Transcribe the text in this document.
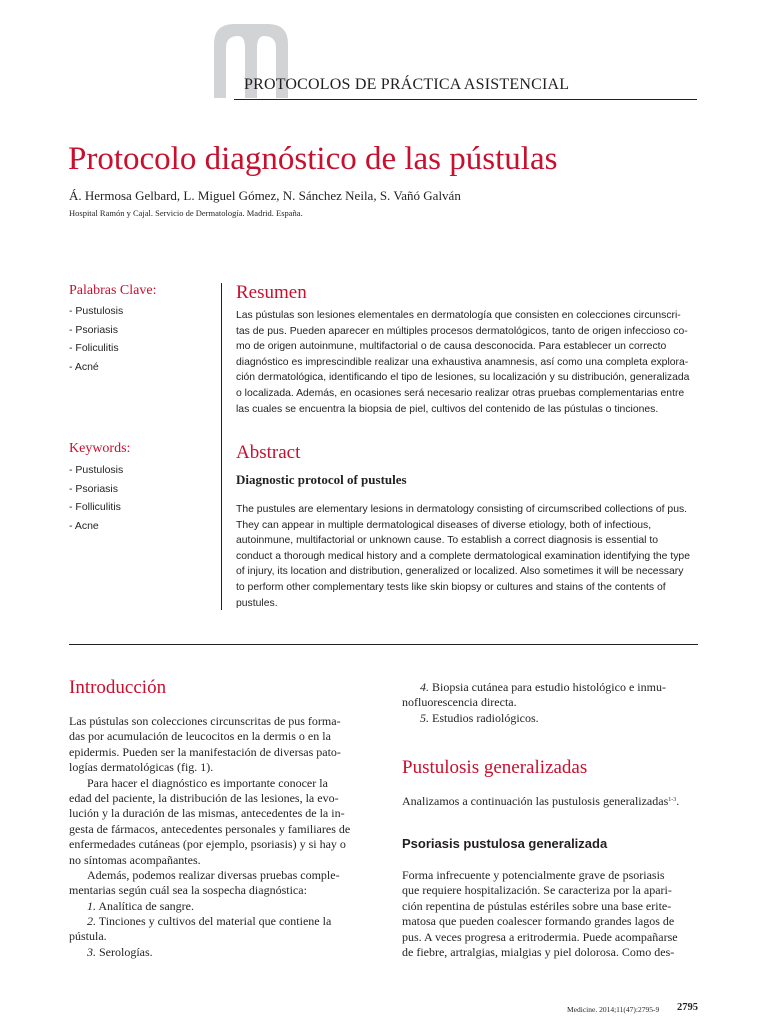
PROTOCOLOS DE PRÁCTICA ASISTENCIAL
Protocolo diagnóstico de las pústulas
Á. Hermosa Gelbard, L. Miguel Gómez, N. Sánchez Neila, S. Vañó Galván
Hospital Ramón y Cajal. Servicio de Dermatología. Madrid. España.
Palabras Clave:
- Pustulosis
- Psoriasis
- Foliculitis
- Acné
Keywords:
- Pustulosis
- Psoriasis
- Folliculitis
- Acne
Resumen
Las pústulas son lesiones elementales en dermatología que consisten en colecciones circunscri-
tas de pus. Pueden aparecer en múltiples procesos dermatológicos, tanto de origen infeccioso co-
mo de origen autoinmune, multifactorial o de causa desconocida. Para establecer un correcto
diagnóstico es imprescindible realizar una exhaustiva anamnesis, así como una completa explora-
ción dermatológica, identificando el tipo de lesiones, su localización y su distribución, generalizada
o localizada. Además, en ocasiones será necesario realizar otras pruebas complementarias entre
las cuales se encuentra la biopsia de piel, cultivos del contenido de las pústulas o tinciones.
Abstract
Diagnostic protocol of pustules
The pustules are elementary lesions in dermatology consisting of circumscribed collections of pus.
They can appear in multiple dermatological diseases of diverse etiology, both of infectious,
autoinmune, multifactorial or unknown cause. To establish a correct diagnosis is essential to
conduct a thorough medical history and a complete dermatological examination identifying the type
of injury, its location and distribution, generalized or localized. Also sometimes it will be necessary
to perform other complementary tests like skin biopsy or cultures and stains of the contents of
pustules.
Introducción
Las pústulas son colecciones circunscritas de pus forma-
das por acumulación de leucocitos en la dermis o en la
epidermis. Pueden ser la manifestación de diversas pato-
logías dermatológicas (fig. 1).
Para hacer el diagnóstico es importante conocer la
edad del paciente, la distribución de las lesiones, la evo-
lución y la duración de las mismas, antecedentes de la in-
gesta de fármacos, antecedentes personales y familiares de
enfermedades cutáneas (por ejemplo, psoriasis) y si hay o
no síntomas acompañantes.
Además, podemos realizar diversas pruebas comple-
mentarias según cuál sea la sospecha diagnóstica:
1. Analítica de sangre.
2. Tinciones y cultivos del material que contiene la
pústula.
3. Serologías.
4. Biopsia cutánea para estudio histológico e inmu-
nofluorescencia directa.
5. Estudios radiológicos.
Pustulosis generalizadas
Analizamos a continuación las pustulosis generalizadas$^{1-3}$.
Psoriasis pustulosa generalizada
Forma infrecuente y potencialmente grave de psoriasis
que requiere hospitalización. Se caracteriza por la apari-
ción repentina de pústulas estériles sobre una base erite-
matosa que pueden coalescer formando grandes lagos de
pus. A veces progresa a eritrodermia. Puede acompañarse
de fiebre, artralgias, mialgias y piel dolorosa. Como des-
Medicine. 2014;11(47):2795-9 2795
